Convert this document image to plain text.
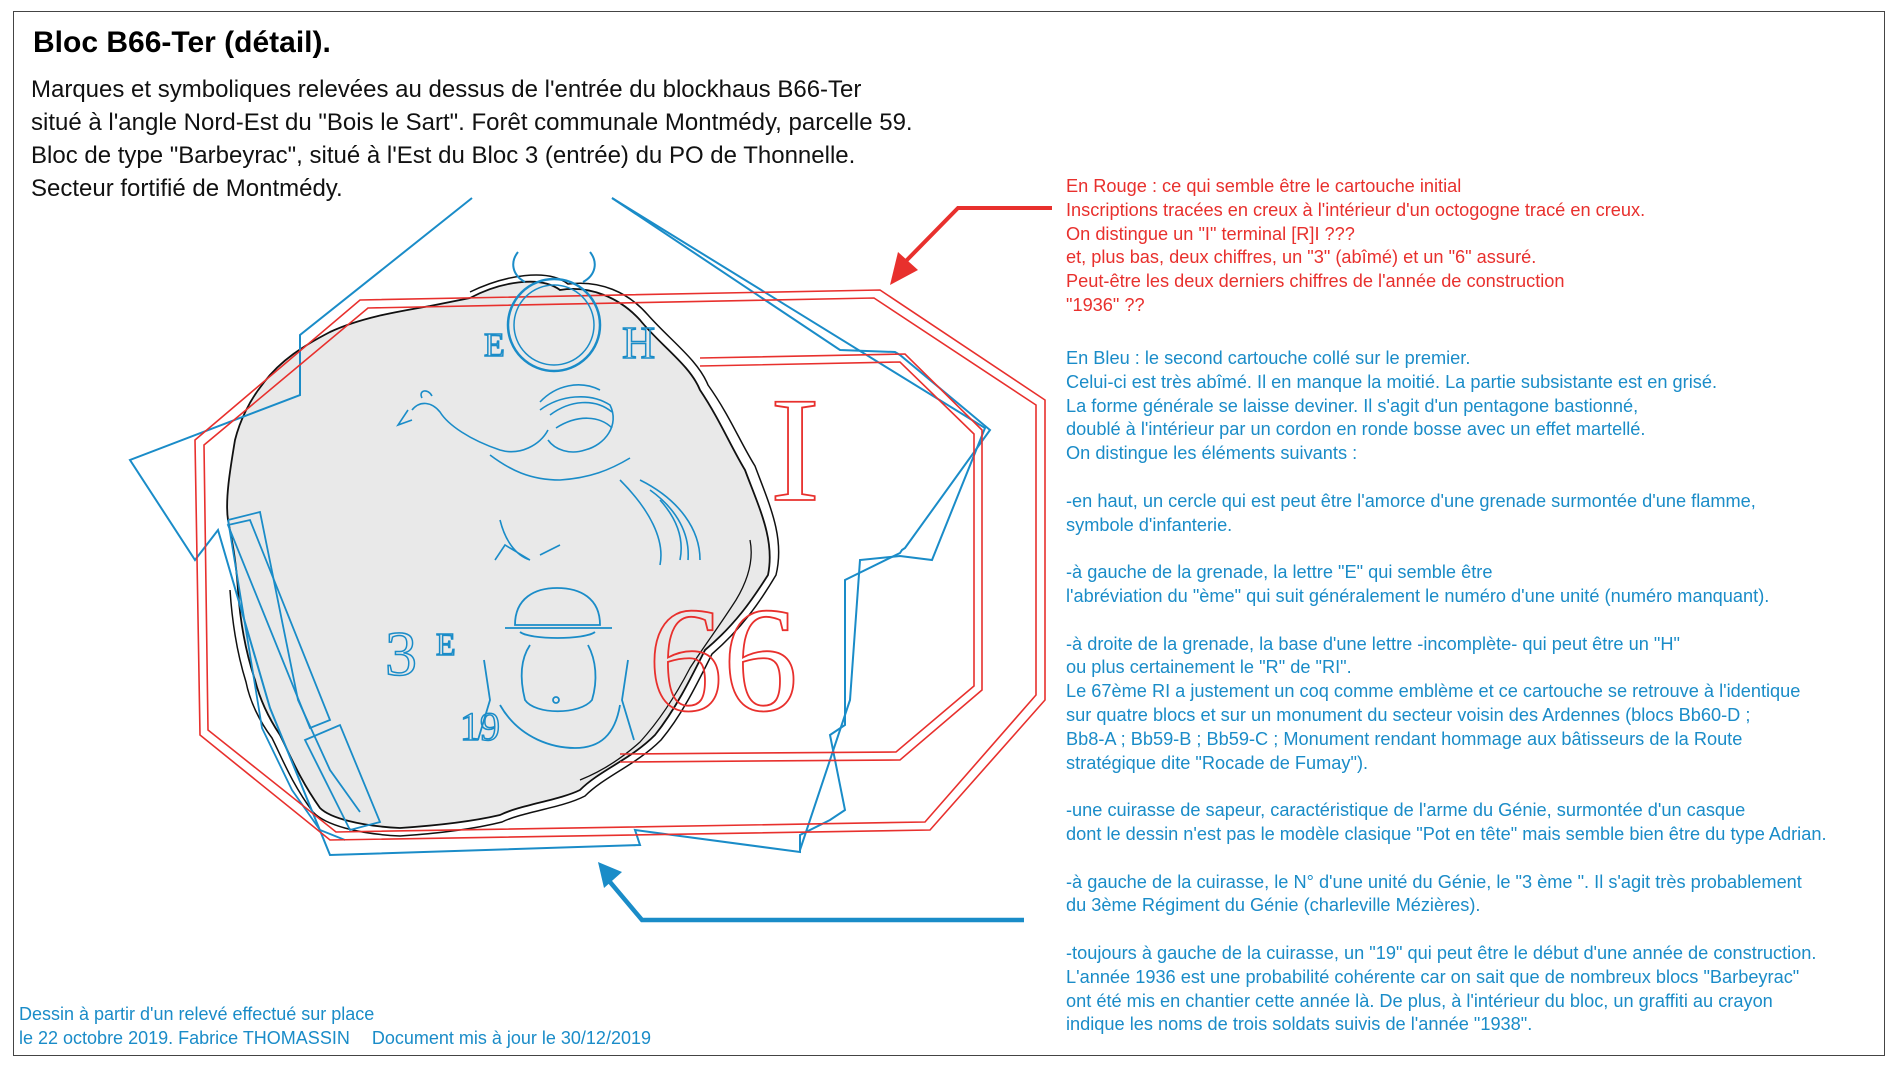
Bloc B66-Ter (détail).
Marques et symboliques relevées au dessus de l'entrée du blockhaus B66-Ter
situé à l'angle Nord-Est du "Bois le Sart". Forêt communale Montmédy, parcelle 59.
Bloc de type "Barbeyrac", situé à l'Est du Bloc 3 (entrée) du PO de Thonnelle.
Secteur fortifié de Montmédy.
I
66
E	H
3 E
19
En Rouge : ce qui semble être le cartouche initial
Inscriptions tracées en creux à l'intérieur d'un octogogne tracé en creux.
On distingue un "I" terminal [R]I ???
et, plus bas, deux chiffres, un "3" (abîmé) et un "6" assuré.
Peut-être les deux derniers chiffres de l'année de construction
"1936" ??
En Bleu : le second cartouche collé sur le premier.
Celui-ci est très abîmé. Il en manque la moitié. La partie subsistante est en grisé.
La forme générale se laisse deviner. Il s'agit d'un pentagone bastionné,
doublé à l'intérieur par un cordon en ronde bosse avec un effet martellé.
On distingue les éléments suivants :
-en haut, un cercle qui est peut être l'amorce d'une grenade surmontée d'une flamme,
symbole d'infanterie.
-à gauche de la grenade, la lettre "E" qui semble être
l'abréviation du "ème" qui suit généralement le numéro d'une unité (numéro manquant).
-à droite de la grenade, la base d'une lettre -incomplète- qui peut être un "H"
ou plus certainement le "R" de "RI".
Le 67ème RI a justement un coq comme emblème et ce cartouche se retrouve à l'identique
sur quatre blocs et sur un monument du secteur voisin des Ardennes (blocs Bb60-D ;
Bb8-A ; Bb59-B ; Bb59-C ; Monument rendant hommage aux bâtisseurs de la Route
stratégique dite "Rocade de Fumay").
-une cuirasse de sapeur, caractéristique de l'arme du Génie, surmontée d'un casque
dont le dessin n'est pas le modèle clasique "Pot en tête" mais semble bien être du type Adrian.
-à gauche de la cuirasse, le N° d'une unité du Génie, le "3 ème ". Il s'agit très probablement
du 3ème Régiment du Génie (charleville Mézières).
-toujours à gauche de la cuirasse, un "19" qui peut être le début d'une année de construction.
L'année 1936 est une probabilité cohérente car on sait que de nombreux blocs "Barbeyrac"
ont été mis en chantier cette année là. De plus, à l'intérieur du bloc, un graffiti au crayon
indique les noms de trois soldats suivis de l'année "1938".
Dessin à partir d'un relevé effectué sur place
le 22 octobre 2019. Fabrice THOMASSIN Document mis à jour le 30/12/2019
